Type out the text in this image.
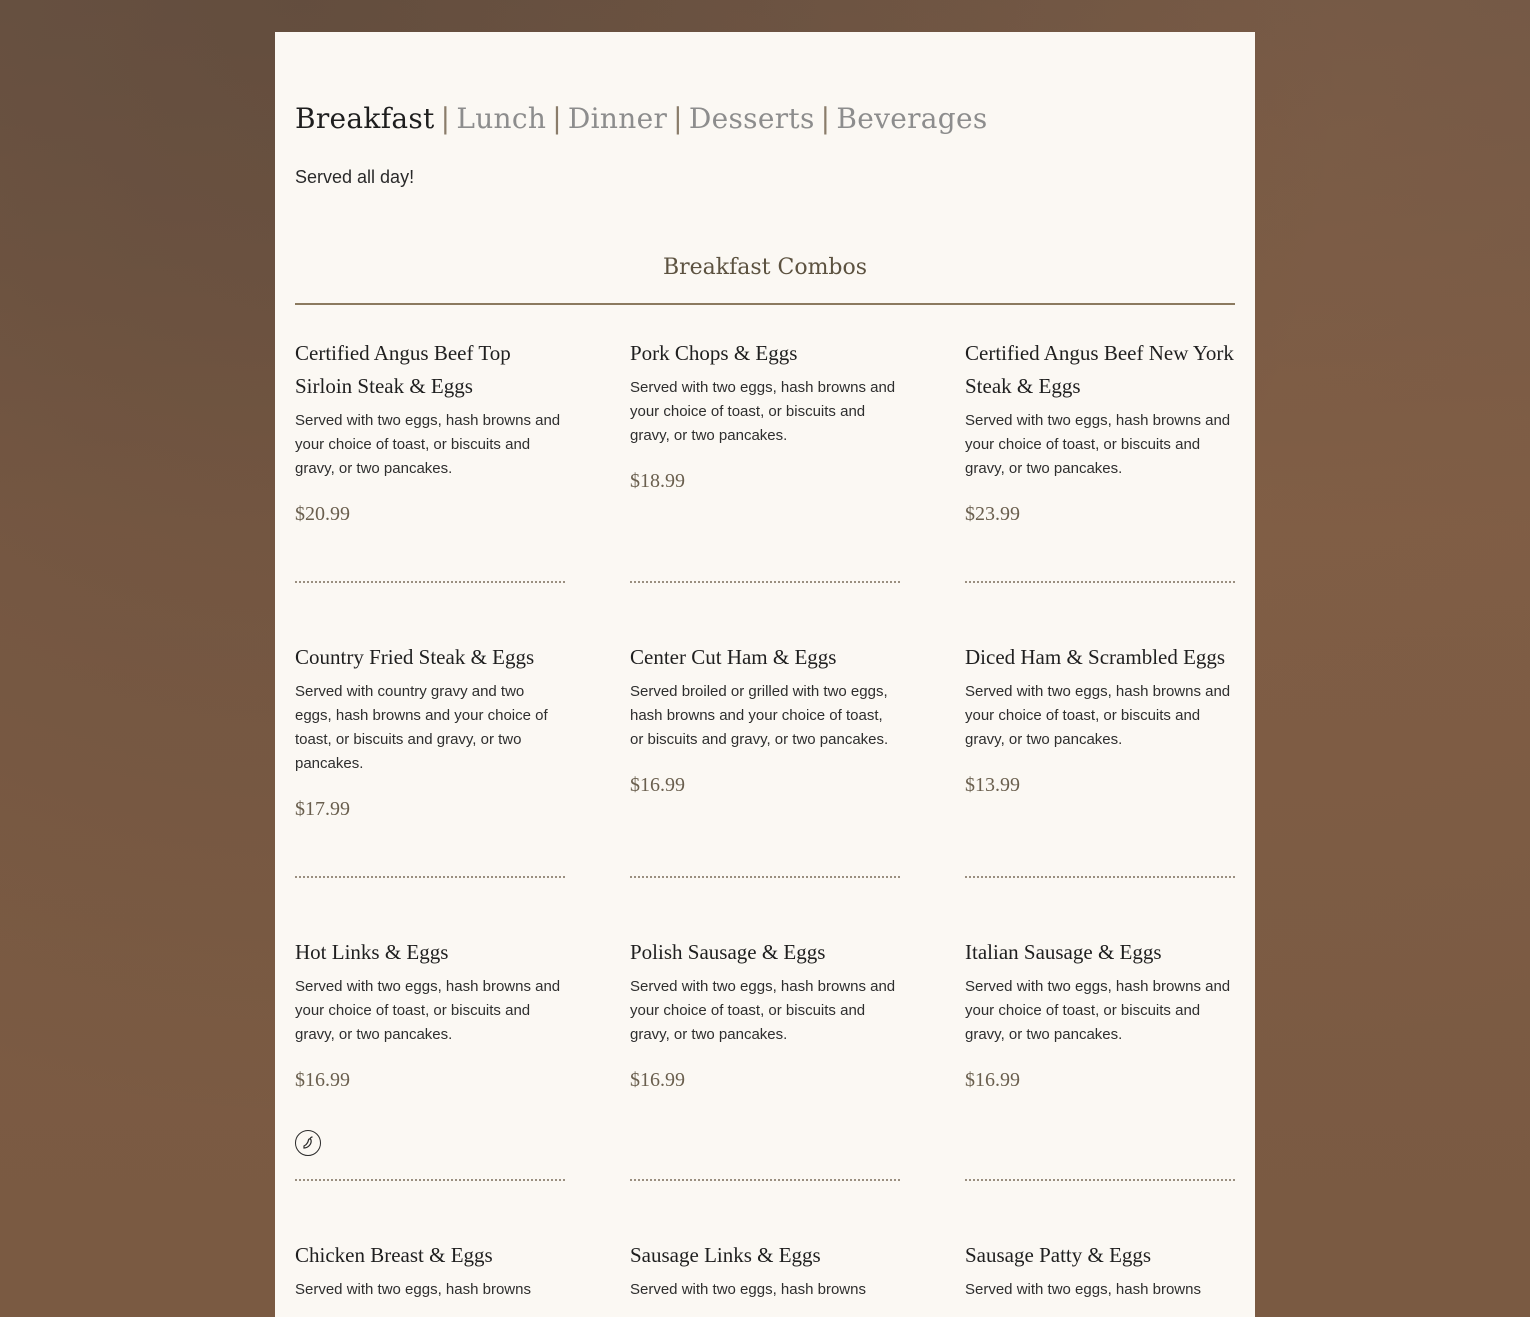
Breakfast | Lunch | Dinner | Desserts | Beverages
Served all day!
Breakfast Combos
Certified Angus Beef Top Sirloin Steak & Eggs

Served with two eggs, hash browns and your choice of toast, or biscuits and gravy, or two pancakes.

$20.99
Pork Chops & Eggs

Served with two eggs, hash browns and your choice of toast, or biscuits and gravy, or two pancakes.

$18.99
Certified Angus Beef New York Steak & Eggs

Served with two eggs, hash browns and your choice of toast, or biscuits and gravy, or two pancakes.

$23.99
Country Fried Steak & Eggs

Served with country gravy and two eggs, hash browns and your choice of toast, or biscuits and gravy, or two pancakes.

$17.99
Center Cut Ham & Eggs

Served broiled or grilled with two eggs, hash browns and your choice of toast, or biscuits and gravy, or two pancakes.

$16.99
Diced Ham & Scrambled Eggs

Served with two eggs, hash browns and your choice of toast, or biscuits and gravy, or two pancakes.

$13.99
Hot Links & Eggs

Served with two eggs, hash browns and your choice of toast, or biscuits and gravy, or two pancakes.

$16.99
Polish Sausage & Eggs

Served with two eggs, hash browns and your choice of toast, or biscuits and gravy, or two pancakes.

$16.99
Italian Sausage & Eggs

Served with two eggs, hash browns and your choice of toast, or biscuits and gravy, or two pancakes.

$16.99
Chicken Breast & Eggs

Served with two eggs, hash browns

Sausage Links & Eggs

Served with two eggs, hash browns

Sausage Patty & Eggs

Served with two eggs, hash browns
